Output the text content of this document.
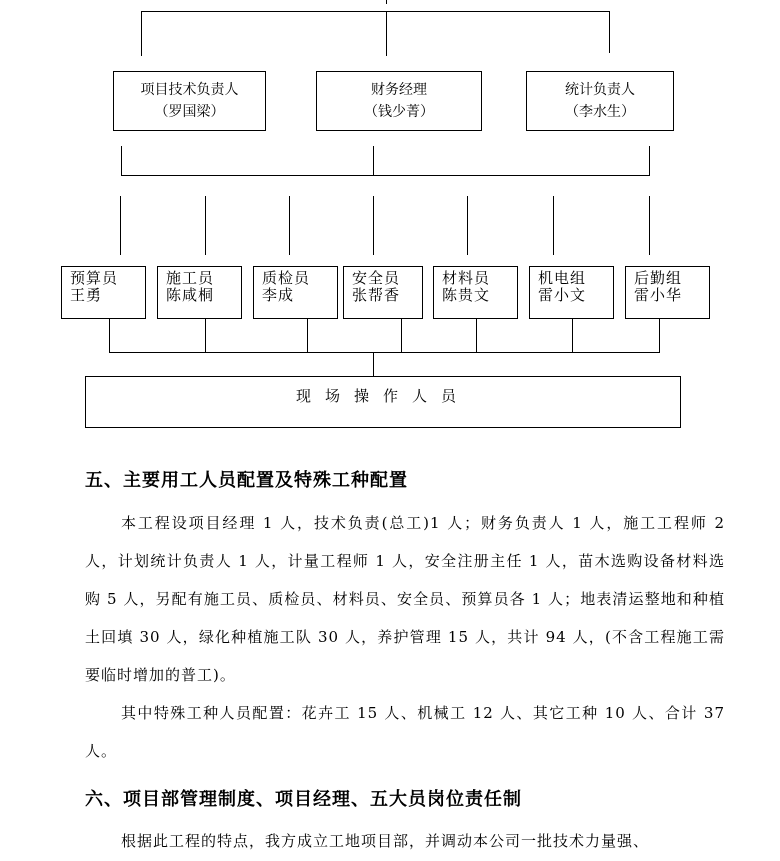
项目技术负责人
（罗国梁）
财务经理
（钱少菁）
统计负责人
（李水生）
预算员
王勇
施工员
陈咸桐
质检员
李成
安全员
张帮香
材料员
陈贵文
机电组
雷小文
后勤组
雷小华
现场操作人员
五、主要用工人员配置及特殊工种配置

本工程设项目经理 1 人，技术负责(总工)1 人；财务负责人 1 人，施工工程师 2 人，计划统计负责人 1 人，计量工程师 1 人，安全注册主任 1 人，苗木选购设备材料选购 5 人，另配有施工员、质检员、材料员、安全员、预算员各 1 人；地表清运整地和种植土回填 30 人，绿化种植施工队 30 人，养护管理 15 人，共计 94 人，(不含工程施工需要临时增加的普工)。

其中特殊工种人员配置：花卉工 15 人、机械工 12 人、其它工种 10 人、合计 37 人。

六、项目部管理制度、项目经理、五大员岗位责任制

根据此工程的特点，我方成立工地项目部，并调动本公司一批技术力量强、
